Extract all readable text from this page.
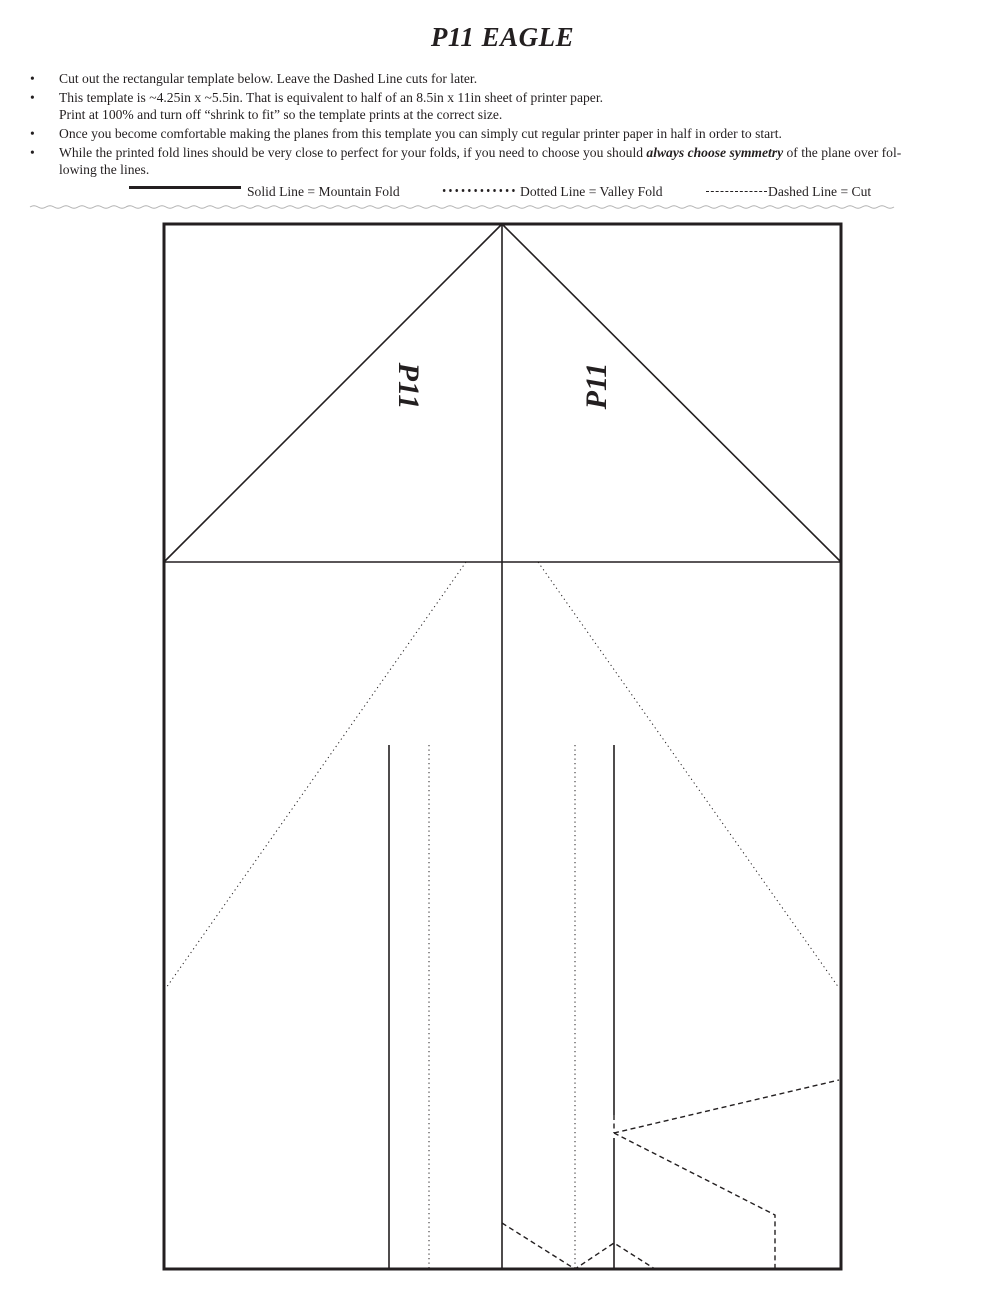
P11 EAGLE
• Cut out the rectangular template below. Leave the Dashed Line cuts for later.
• This template is ~4.25in x ~5.5in. That is equivalent to half of an 8.5in x 11in sheet of printer paper.
Print at 100% and turn off “shrink to fit” so the template prints at the correct size.
• Once you become comfortable making the planes from this template you can simply cut regular printer paper in half in order to start.
• While the printed fold lines should be very close to perfect for your folds, if you need to choose you should always choose symmetry of the plane over fol-
lowing the lines.
Solid Line = Mountain Fold	Dotted Line = Valley Fold	Dashed Line = Cut
P11	P11
